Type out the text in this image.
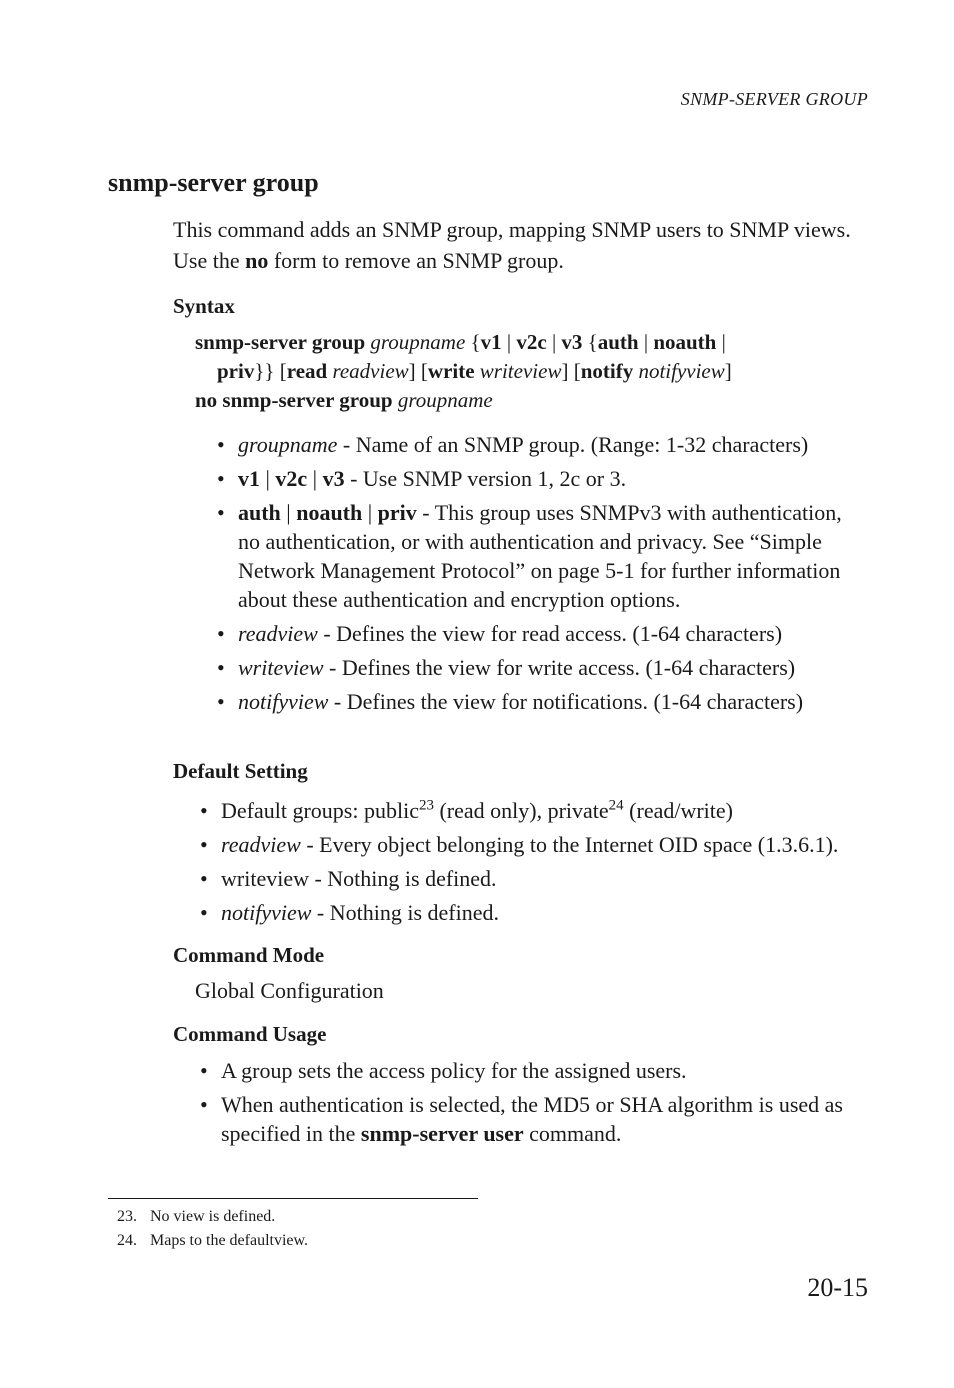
SNMP-SERVER GROUP
snmp-server group
This command adds an SNMP group, mapping SNMP users to SNMP views. Use the no form to remove an SNMP group.
Syntax
snmp-server group groupname {v1 | v2c | v3 {auth | noauth |
priv}} [read readview] [write writeview] [notify notifyview]
no snmp-server group groupname
• groupname - Name of an SNMP group. (Range: 1-32 characters)
• v1 | v2c | v3 - Use SNMP version 1, 2c or 3.
• auth | noauth | priv - This group uses SNMPv3 with authentication, no authentication, or with authentication and privacy. See “Simple Network Management Protocol” on page 5-1 for further information about these authentication and encryption options.
• readview - Defines the view for read access. (1-64 characters)
• writeview - Defines the view for write access. (1-64 characters)
• notifyview - Defines the view for notifications. (1-64 characters)
Default Setting
• Default groups: public$^{23}$ (read only), private$^{24}$ (read/write)
• readview - Every object belonging to the Internet OID space (1.3.6.1).
• writeview - Nothing is defined.
• notifyview - Nothing is defined.
Command Mode
Global Configuration
Command Usage
• A group sets the access policy for the assigned users.
• When authentication is selected, the MD5 or SHA algorithm is used as specified in the snmp-server user command.
23. No view is defined.
24. Maps to the defaultview.
20-15
